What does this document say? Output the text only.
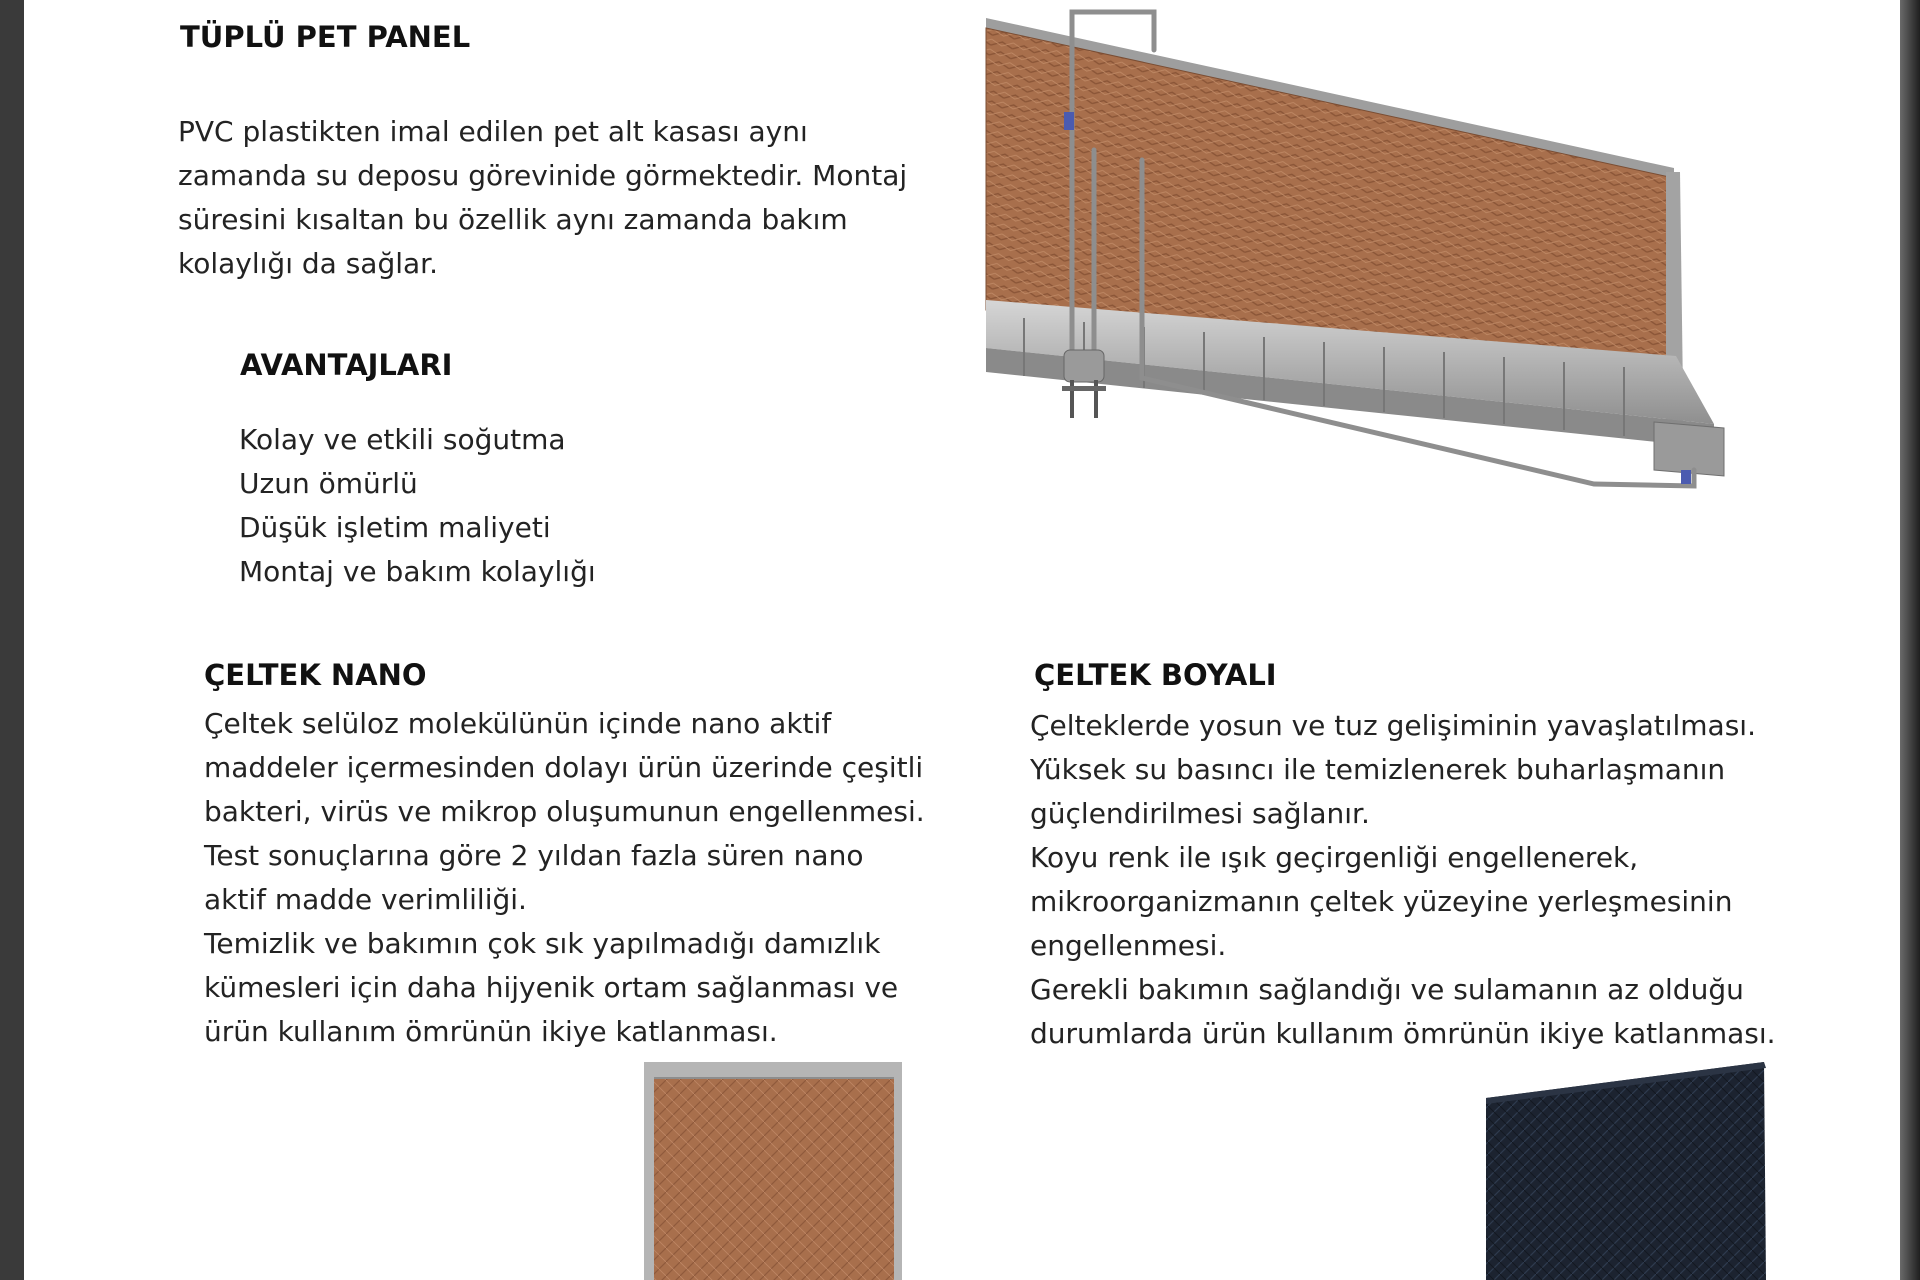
TÜPLÜ PET PANEL
PVC plastikten imal edilen pet alt kasası aynı
zamanda su deposu görevinide görmektedir. Montaj
süresini kısaltan bu özellik aynı zamanda bakım
kolaylığı da sağlar.
AVANTAJLARI
Kolay ve etkili soğutma
Uzun ömürlü
Düşük işletim maliyeti
Montaj ve bakım kolaylığı
ÇELTEK NANO
Çeltek selüloz molekülünün içinde nano aktif
maddeler içermesinden dolayı ürün üzerinde çeşitli
bakteri, virüs ve mikrop oluşumunun engellenmesi.
Test sonuçlarına göre 2 yıldan fazla süren nano
aktif madde verimliliği.
Temizlik ve bakımın çok sık yapılmadığı damızlık
kümesleri için daha hijyenik ortam sağlanması ve
ürün kullanım ömrünün ikiye katlanması.
ÇELTEK BOYALI
Çelteklerde yosun ve tuz gelişiminin yavaşlatılması.
Yüksek su basıncı ile temizlenerek buharlaşmanın
güçlendirilmesi sağlanır.
Koyu renk ile ışık geçirgenliği engellenerek,
mikroorganizmanın çeltek yüzeyine yerleşmesinin
engellenmesi.
Gerekli bakımın sağlandığı ve sulamanın az olduğu
durumlarda ürün kullanım ömrünün ikiye katlanması.
